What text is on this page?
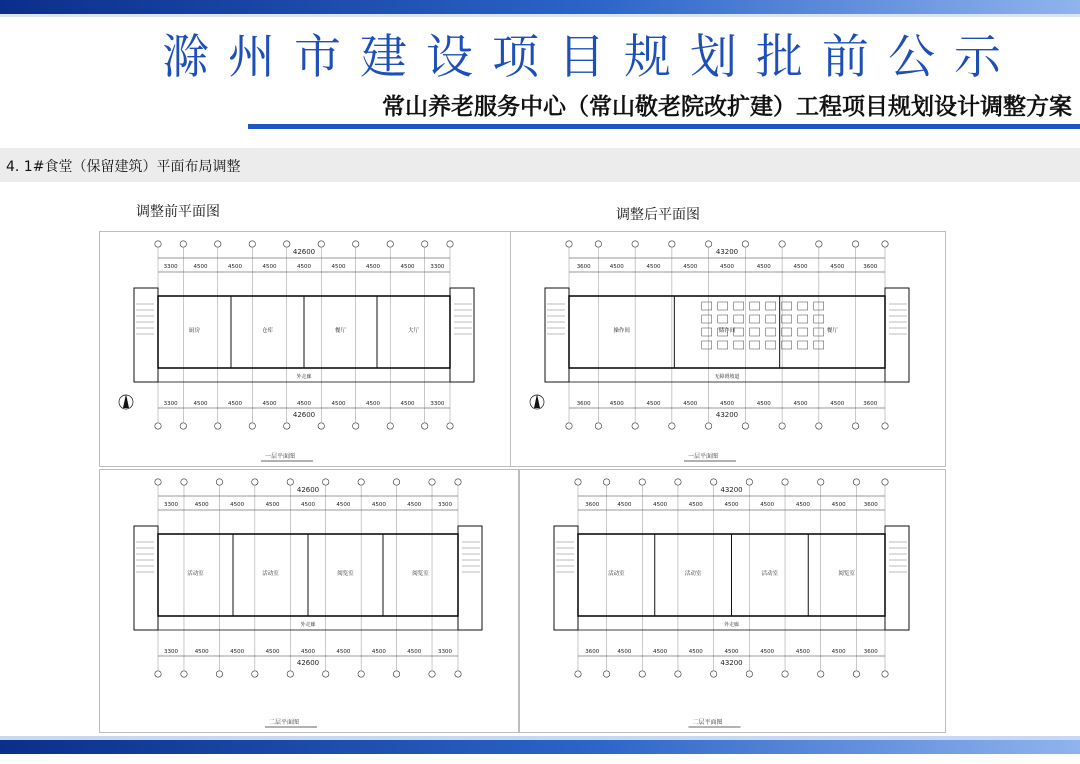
滁州市建设项目规划批前公示
常山养老服务中心（常山敬老院改扩建）工程项目规划设计调整方案
4. 1#食堂（保留建筑）平面布局调整
调整前平面图	调整后平面图
42600
3300	4500	4500	4500	4500	4500	4500	4500	3300
厨房	仓库	餐厅	大厅
外走廊
3300	4500	4500	4500	4500	4500	4500	4500	3300
42600
一层平面图
43200
3600	4500	4500	4500	4500	4500	4500	4500	3600
操作间	储存间	餐厅
无障碍坡道
3600	4500	4500	4500	4500	4500	4500	4500	3600
43200
一层平面图
42600
3300	4500	4500	4500	4500	4500	4500	4500	3300
活动室	活动室	阅览室	阅览室
外走廊
3300	4500	4500	4500	4500	4500	4500	4500	3300
42600
二层平面图
43200
3600	4500	4500	4500	4500	4500	4500	4500	3600
活动室	活动室	活动室	阅览室
外走廊
3600	4500	4500	4500	4500	4500	4500	4500	3600
43200
二层平面图
